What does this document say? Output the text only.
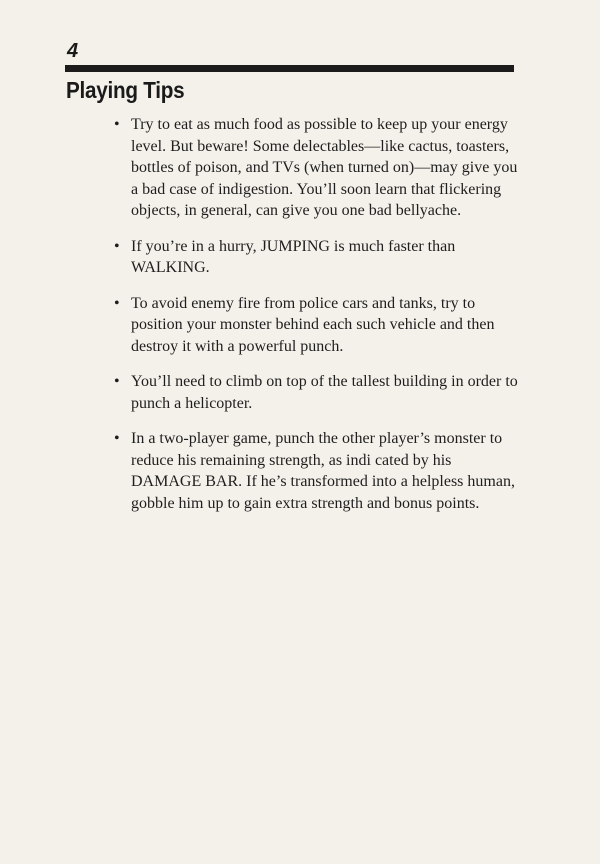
4
Playing Tips
• Try to eat as much food as possible to keep up your energy level. But beware! Some delectables—like cactus, toasters, bottles of poison, and TVs (when turned on)—may give you a bad case of indigestion. You’ll soon learn that flickering objects, in general, can give you one bad bellyache.
• If you’re in a hurry, JUMPING is much faster than WALKING.
• To avoid enemy fire from police cars and tanks, try to position your monster behind each such vehicle and then destroy it with a powerful punch.
• You’ll need to climb on top of the tallest building in order to punch a helicopter.
• In a two-player game, punch the other player’s monster to reduce his remaining strength, as indi cated by his DAMAGE BAR. If he’s transformed into a helpless human, gobble him up to gain extra strength and bonus points.
